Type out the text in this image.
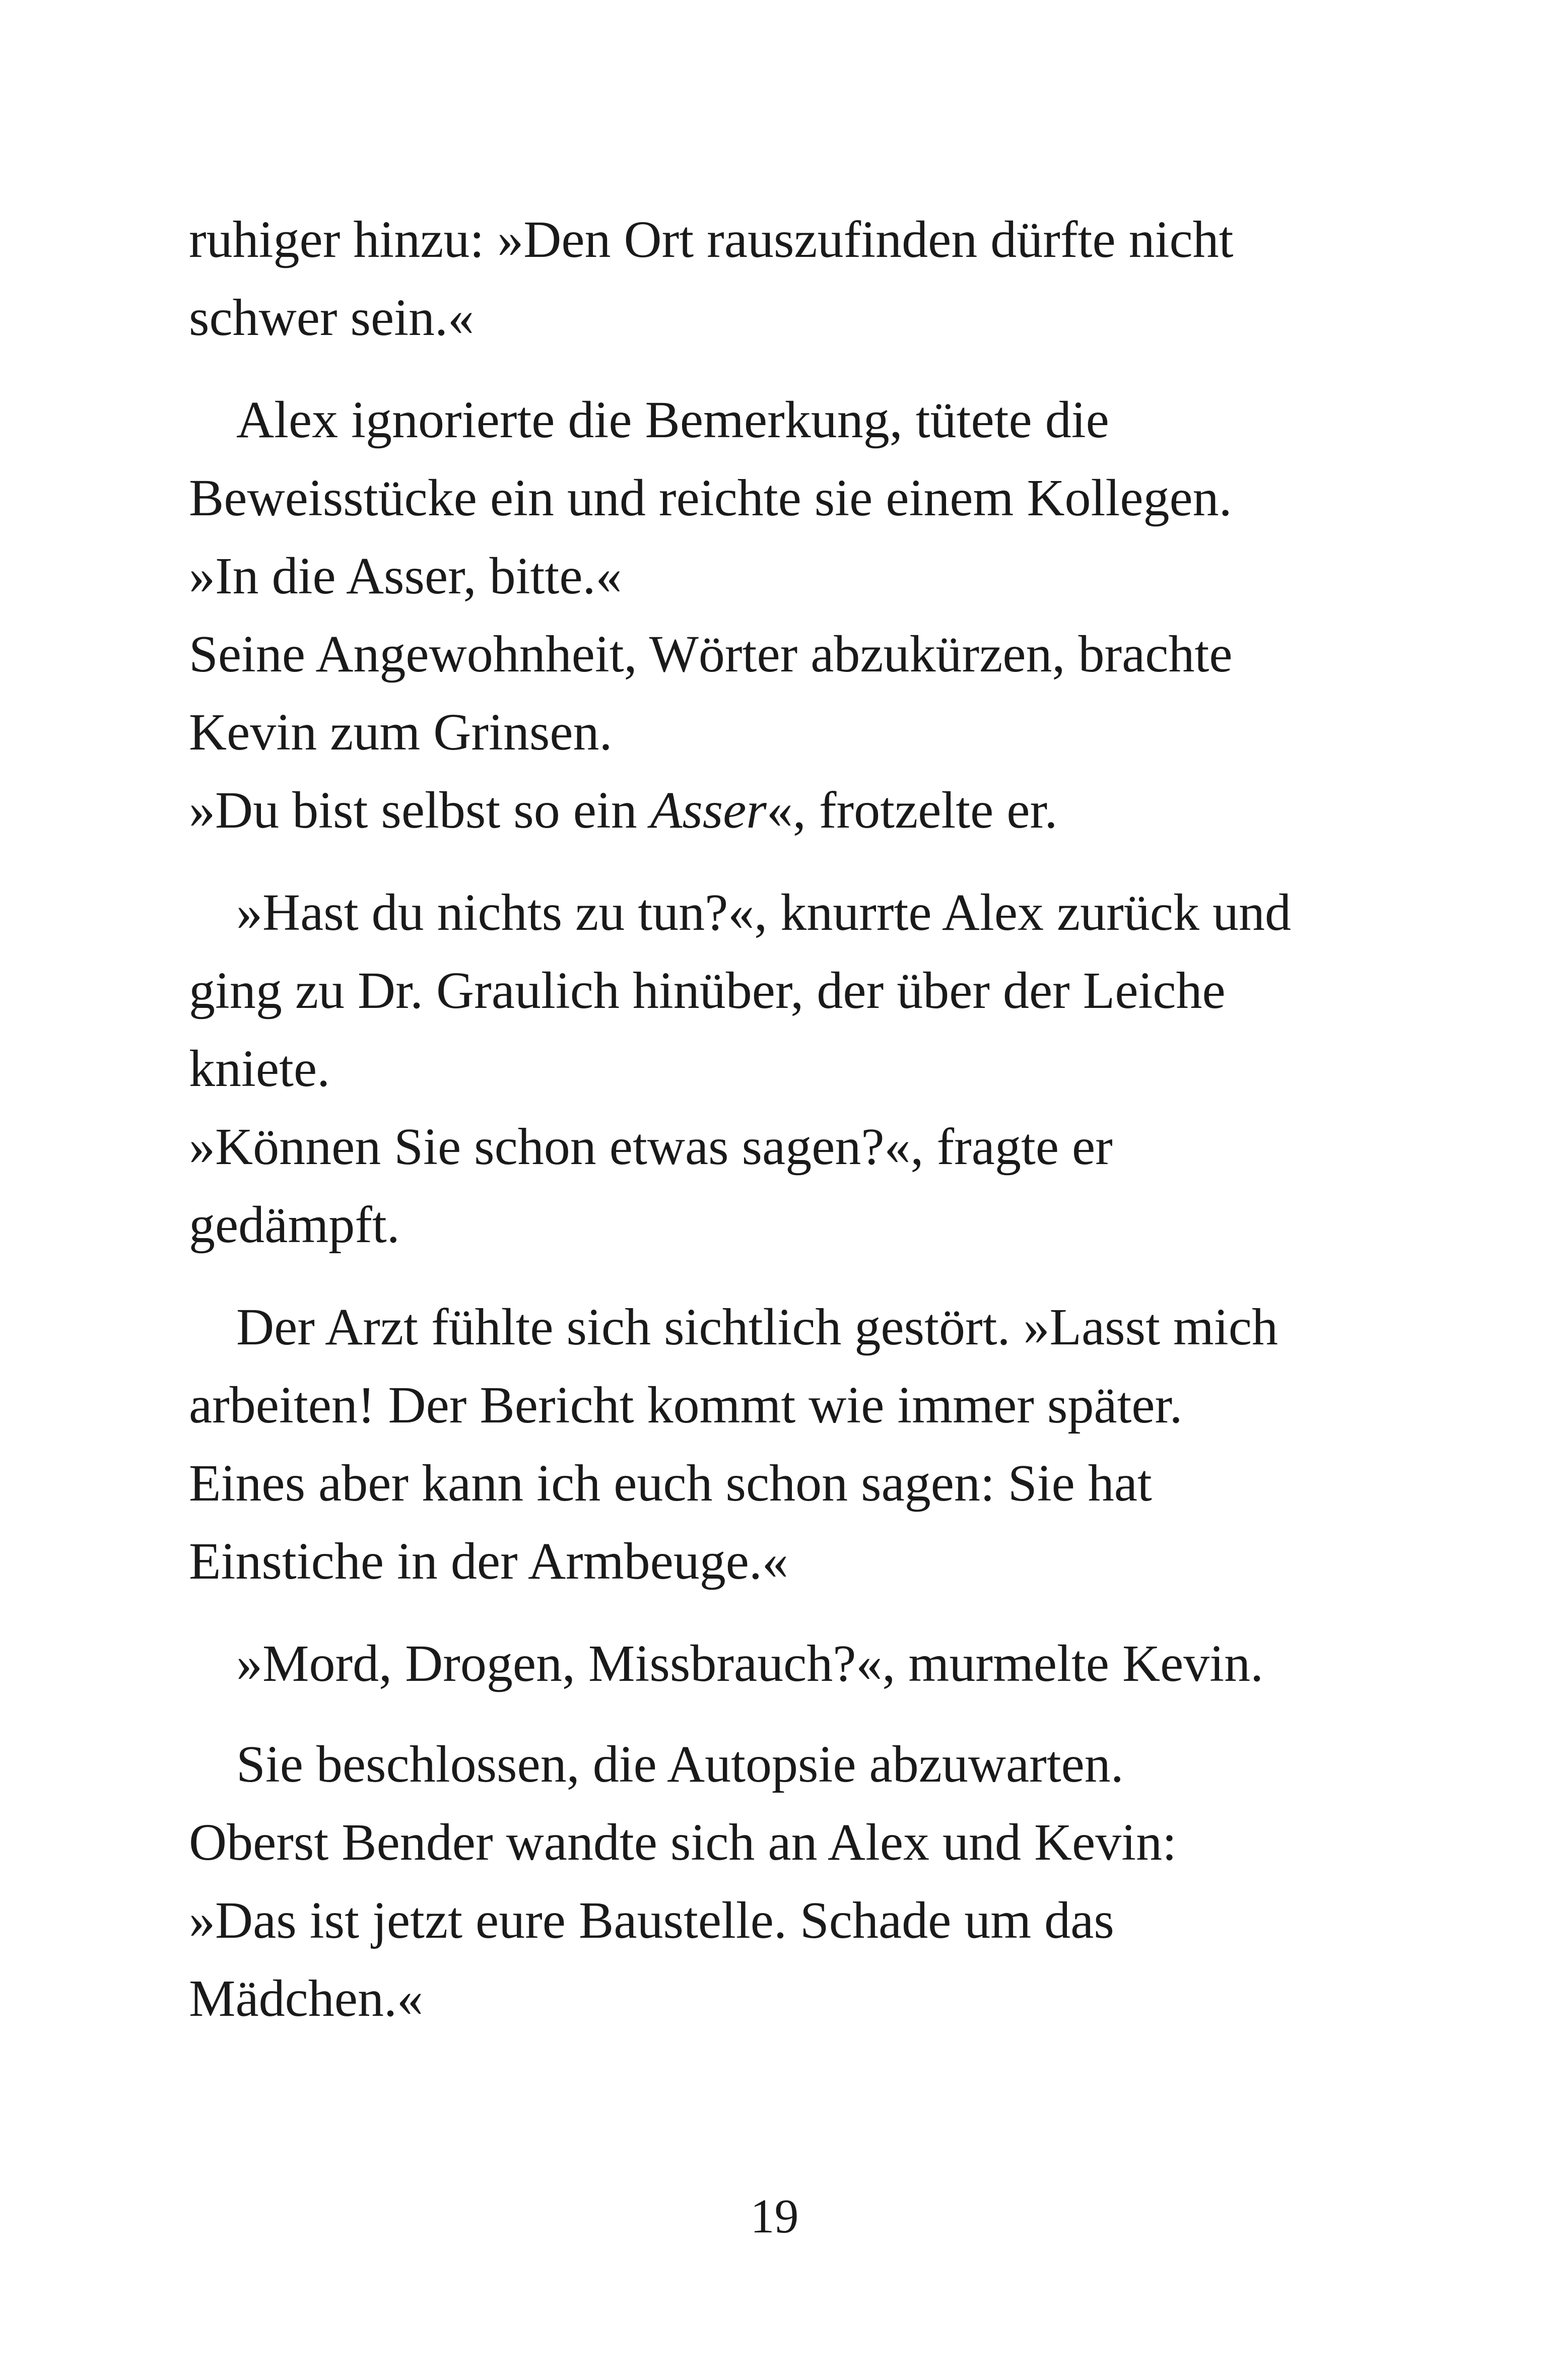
ruhiger hinzu: »Den Ort rauszufinden dürfte nicht
schwer sein.«
Alex ignorierte die Bemerkung, tütete die
Beweisstücke ein und reichte sie einem Kollegen.
»In die Asser, bitte.«
Seine Angewohnheit, Wörter abzukürzen, brachte
Kevin zum Grinsen.
»Du bist selbst so ein Asser«, frotzelte er.
»Hast du nichts zu tun?«, knurrte Alex zurück und
ging zu Dr. Graulich hinüber, der über der Leiche
kniete.
»Können Sie schon etwas sagen?«, fragte er
gedämpft.
Der Arzt fühlte sich sichtlich gestört. »Lasst mich
arbeiten! Der Bericht kommt wie immer später.
Eines aber kann ich euch schon sagen: Sie hat
Einstiche in der Armbeuge.«
»Mord, Drogen, Missbrauch?«, murmelte Kevin.
Sie beschlossen, die Autopsie abzuwarten.
Oberst Bender wandte sich an Alex und Kevin:
»Das ist jetzt eure Baustelle. Schade um das
Mädchen.«
19
